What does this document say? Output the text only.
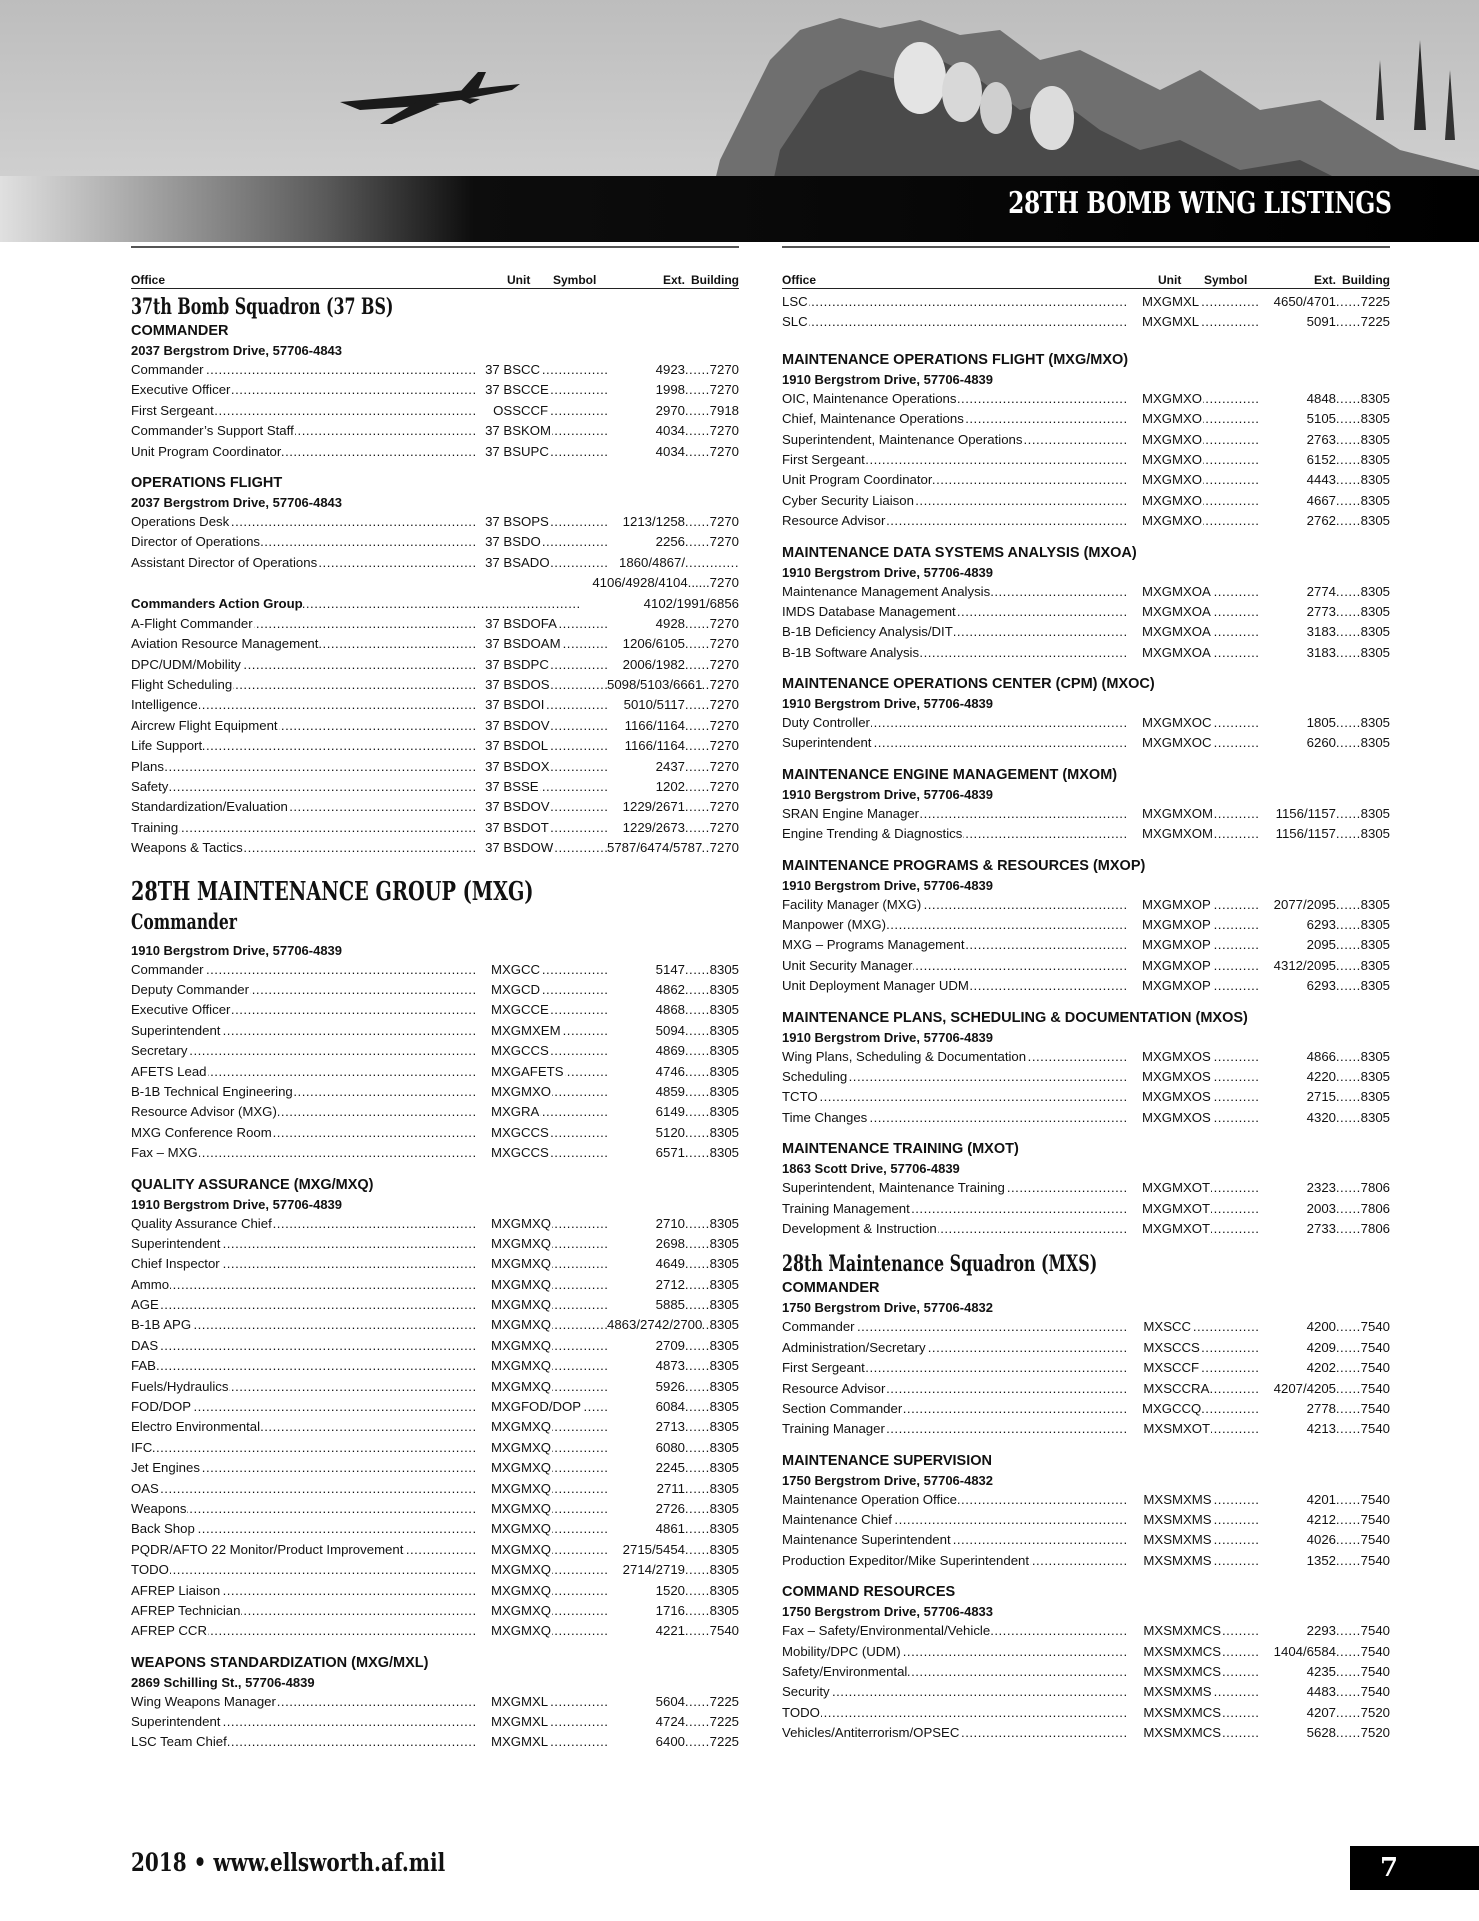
28TH BOMB WING LISTINGS
Office	Unit	Symbol	Ext. Building
37th Bomb Squadron (37 BS)
COMMANDER
2037 Bergstrom Drive, 57706-4843
Commander .....	37 BS CC .....	4923	..... 7270
Executive Officer .....	37 BS CCE .....	1998	..... 7270
First Sergeant .....	OSS CCF .....	2970	..... 7918
Commander’s Support Staff .....	37 BS KOM .....	4034	..... 7270
Unit Program Coordinator .....	37 BS UPC .....	4034	..... 7270
OPERATIONS FLIGHT
2037 Bergstrom Drive, 57706-4843
Operations Desk .....	37 BS OPS .....	1213/1258	..... 7270
Director of Operations .....	37 BS DO .....	2256	..... 7270
Assistant Director of Operations .....	37 BS ADO .....	1860/4867/
.....
4106/4928/4104 ...... 7270
Commanders Action Group .....	4102/1991/6856
A-Flight Commander .....	37 BS DOFA .....	4928	..... 7270
Aviation Resource Management .....	37 BS DOAM .....	1206/6105	..... 7270
DPC/UDM/Mobility .....	37 BS DPC .....	2006/1982	..... 7270
Flight Scheduling .....	37 BS DOS .....	5098/5103/6661 ..... 7270
Intelligence .....	37 BS DOI .....	5010/5117	..... 7270
Aircrew Flight Equipment .....	37 BS DOV .....	1166/1164	..... 7270
Life Support .....	37 BS DOL .....	1166/1164	..... 7270
Plans .....	37 BS DOX .....	2437	..... 7270
Safety .....	37 BS SE .....	1202	..... 7270
Standardization/Evaluation .....	37 BS DOV .....	1229/2671	..... 7270
Training .....	37 BS DOT .....	1229/2673	..... 7270
Weapons & Tactics .....	37 BS DOW .....	5787/6474/5787 ..... 7270
28TH MAINTENANCE GROUP (MXG)
Commander
1910 Bergstrom Drive, 57706-4839
Commander .....	MXG CC .....	5147	..... 8305
Deputy Commander .....	MXG CD .....	4862	..... 8305
Executive Officer .....	MXG CCE .....	4868	..... 8305
Superintendent .....	MXG MXEM .....	5094	..... 8305
Secretary .....	MXG CCS .....	4869	..... 8305
AFETS Lead .....	MXG AFETS .....	4746	..... 8305
B-1B Technical Engineering .....	MXG MXO .....	4859	..... 8305
Resource Advisor (MXG) .....	MXG RA .....	6149	..... 8305
MXG Conference Room .....	MXG CCS .....	5120	..... 8305
Fax – MXG .....	MXG CCS .....	6571	..... 8305
QUALITY ASSURANCE (MXG/MXQ)
1910 Bergstrom Drive, 57706-4839
Quality Assurance Chief .....	MXG MXQ .....	2710	..... 8305
Superintendent .....	MXG MXQ .....	2698	..... 8305
Chief Inspector .....	MXG MXQ .....	4649	..... 8305
Ammo .....	MXG MXQ .....	2712	..... 8305
AGE .....	MXG MXQ .....	5885	..... 8305
B-1B APG .....	MXG MXQ .....	4863/2742/2700 ..... 8305
DAS .....	MXG MXQ .....	2709	..... 8305
FAB .....	MXG MXQ .....	4873	..... 8305
Fuels/Hydraulics .....	MXG MXQ .....	5926	..... 8305
FOD/DOP .....	MXG FOD/DOP .....	6084	..... 8305
Electro Environmental .....	MXG MXQ .....	2713	..... 8305
IFC .....	MXG MXQ .....	6080	..... 8305
Jet Engines .....	MXG MXQ .....	2245	..... 8305
OAS .....	MXG MXQ .....	2711	..... 8305
Weapons .....	MXG MXQ .....	2726	..... 8305
Back Shop .....	MXG MXQ .....	4861	..... 8305
PQDR/AFTO 22 Monitor/Product Improvement .....	MXG MXQ .....	2715/5454	..... 8305
TODO .....	MXG MXQ .....	2714/2719	..... 8305
AFREP Liaison .....	MXG MXQ .....	1520	..... 8305
AFREP Technician .....	MXG MXQ .....	1716	..... 8305
AFREP CCR .....	MXG MXQ .....	4221	..... 7540
WEAPONS STANDARDIZATION (MXG/MXL)
2869 Schilling St., 57706-4839
Wing Weapons Manager .....	MXG MXL .....	5604	..... 7225
Superintendent .....	MXG MXL .....	4724	..... 7225
LSC Team Chief .....	MXG MXL .....	6400	..... 7225
Office	Unit	Symbol	Ext. Building
LSC .....	MXG MXL .....	4650/4701	..... 7225
SLC .....	MXG MXL .....	5091	..... 7225
MAINTENANCE OPERATIONS FLIGHT (MXG/MXO)
1910 Bergstrom Drive, 57706-4839
OIC, Maintenance Operations .....	MXG MXO .....	4848	..... 8305
Chief, Maintenance Operations .....	MXG MXO .....	5105	..... 8305
Superintendent, Maintenance Operations .....	MXG MXO .....	2763	..... 8305
First Sergeant .....	MXG MXO .....	6152	..... 8305
Unit Program Coordinator .....	MXG MXO .....	4443	..... 8305
Cyber Security Liaison .....	MXG MXO .....	4667	..... 8305
Resource Advisor .....	MXG MXO .....	2762	..... 8305
MAINTENANCE DATA SYSTEMS ANALYSIS (MXOA)
1910 Bergstrom Drive, 57706-4839
Maintenance Management Analysis .....	MXG MXOA .....	2774	..... 8305
IMDS Database Management .....	MXG MXOA .....	2773	..... 8305
B-1B Deficiency Analysis/DIT .....	MXG MXOA .....	3183	..... 8305
B-1B Software Analysis .....	MXG MXOA .....	3183	..... 8305
MAINTENANCE OPERATIONS CENTER (CPM) (MXOC)
1910 Bergstrom Drive, 57706-4839
Duty Controller .....	MXG MXOC .....	1805	..... 8305
Superintendent .....	MXG MXOC .....	6260	..... 8305
MAINTENANCE ENGINE MANAGEMENT (MXOM)
1910 Bergstrom Drive, 57706-4839
SRAN Engine Manager .....	MXG MXOM .....	1156/1157	..... 8305
Engine Trending & Diagnostics .....	MXG MXOM .....	1156/1157	..... 8305
MAINTENANCE PROGRAMS & RESOURCES (MXOP)
1910 Bergstrom Drive, 57706-4839
Facility Manager (MXG) .....	MXG MXOP .....	2077/2095	..... 8305
Manpower (MXG) .....	MXG MXOP .....	6293	..... 8305
MXG – Programs Management .....	MXG MXOP .....	2095	..... 8305
Unit Security Manager .....	MXG MXOP .....	4312/2095	..... 8305
Unit Deployment Manager UDM .....	MXG MXOP .....	6293	..... 8305
MAINTENANCE PLANS, SCHEDULING & DOCUMENTATION (MXOS)
1910 Bergstrom Drive, 57706-4839
Wing Plans, Scheduling & Documentation .....	MXG MXOS .....	4866	..... 8305
Scheduling .....	MXG MXOS .....	4220	..... 8305
TCTO .....	MXG MXOS .....	2715	..... 8305
Time Changes .....	MXG MXOS .....	4320	..... 8305
MAINTENANCE TRAINING (MXOT)
1863 Scott Drive, 57706-4839
Superintendent, Maintenance Training .....	MXG MXOT .....	2323	..... 7806
Training Management .....	MXG MXOT .....	2003	..... 7806
Development & Instruction .....	MXG MXOT .....	2733	..... 7806
28th Maintenance Squadron (MXS)
COMMANDER
1750 Bergstrom Drive, 57706-4832
Commander .....	MXS CC .....	4200	..... 7540
Administration/Secretary .....	MXS CCS .....	4209	..... 7540
First Sergeant .....	MXS CCF .....	4202	..... 7540
Resource Advisor .....	MXS CCRA .....	4207/4205	..... 7540
Section Commander .....	MXG CCQ .....	2778	..... 7540
Training Manager .....	MXS MXOT .....	4213	..... 7540
MAINTENANCE SUPERVISION
1750 Bergstrom Drive, 57706-4832
Maintenance Operation Office .....	MXS MXMS .....	4201	..... 7540
Maintenance Chief .....	MXS MXMS .....	4212	..... 7540
Maintenance Superintendent .....	MXS MXMS .....	4026	..... 7540
Production Expeditor/Mike Superintendent .....	MXS MXMS .....	1352	..... 7540
COMMAND RESOURCES
1750 Bergstrom Drive, 57706-4833
Fax – Safety/Environmental/Vehicle .....	MXS MXMCS .....	2293	..... 7540
Mobility/DPC (UDM) .....	MXS MXMCS .....	1404/6584	..... 7540
Safety/Environmental .....	MXS MXMCS .....	4235	..... 7540
Security .....	MXS MXMS .....	4483	..... 7540
TODO .....	MXS MXMCS .....	4207	..... 7520
Vehicles/Antiterrorism/OPSEC .....	MXS MXMCS .....	5628	..... 7520
2018 • www.ellsworth.af.mil	7
